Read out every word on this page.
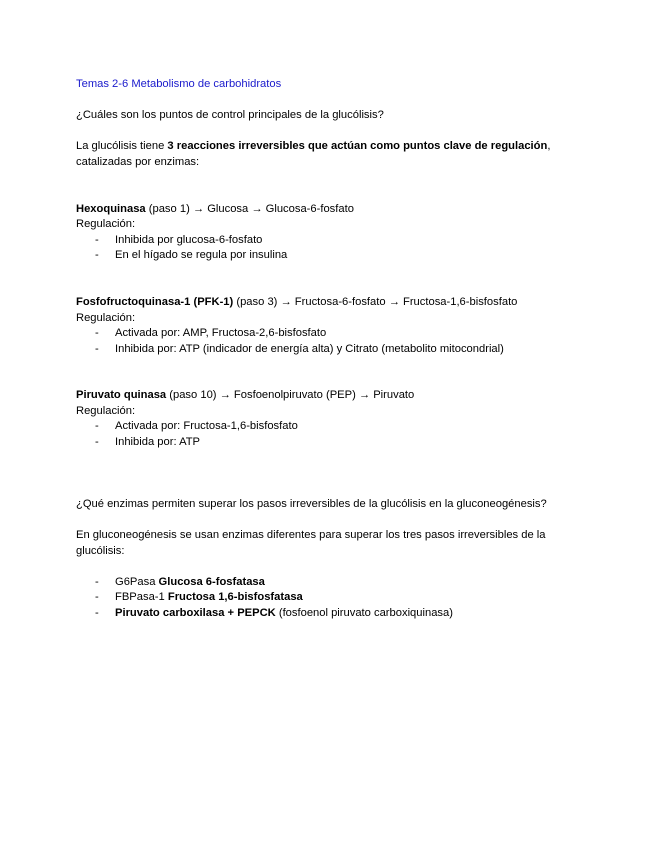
Temas 2-6 Metabolismo de carbohidratos
¿Cuáles son los puntos de control principales de la glucólisis?
La glucólisis tiene 3 reacciones irreversibles que actúan como puntos clave de regulación,
catalizadas por enzimas:
Hexoquinasa (paso 1) → Glucosa → Glucosa-6-fosfato
Regulación:
- Inhibida por glucosa-6-fosfato
- En el hígado se regula por insulina
Fosfofructoquinasa-1 (PFK-1) (paso 3) → Fructosa-6-fosfato → Fructosa-1,6-bisfosfato
Regulación:
- Activada por: AMP, Fructosa-2,6-bisfosfato
- Inhibida por: ATP (indicador de energía alta) y Citrato (metabolito mitocondrial)
Piruvato quinasa (paso 10) → Fosfoenolpiruvato (PEP) → Piruvato
Regulación:
- Activada por: Fructosa-1,6-bisfosfato
- Inhibida por: ATP
¿Qué enzimas permiten superar los pasos irreversibles de la glucólisis en la gluconeogénesis?
En gluconeogénesis se usan enzimas diferentes para superar los tres pasos irreversibles de la
glucólisis:
- G6Pasa Glucosa 6-fosfatasa
- FBPasa-1 Fructosa 1,6-bisfosfatasa
- Piruvato carboxilasa + PEPCK (fosfoenol piruvato carboxiquinasa)
